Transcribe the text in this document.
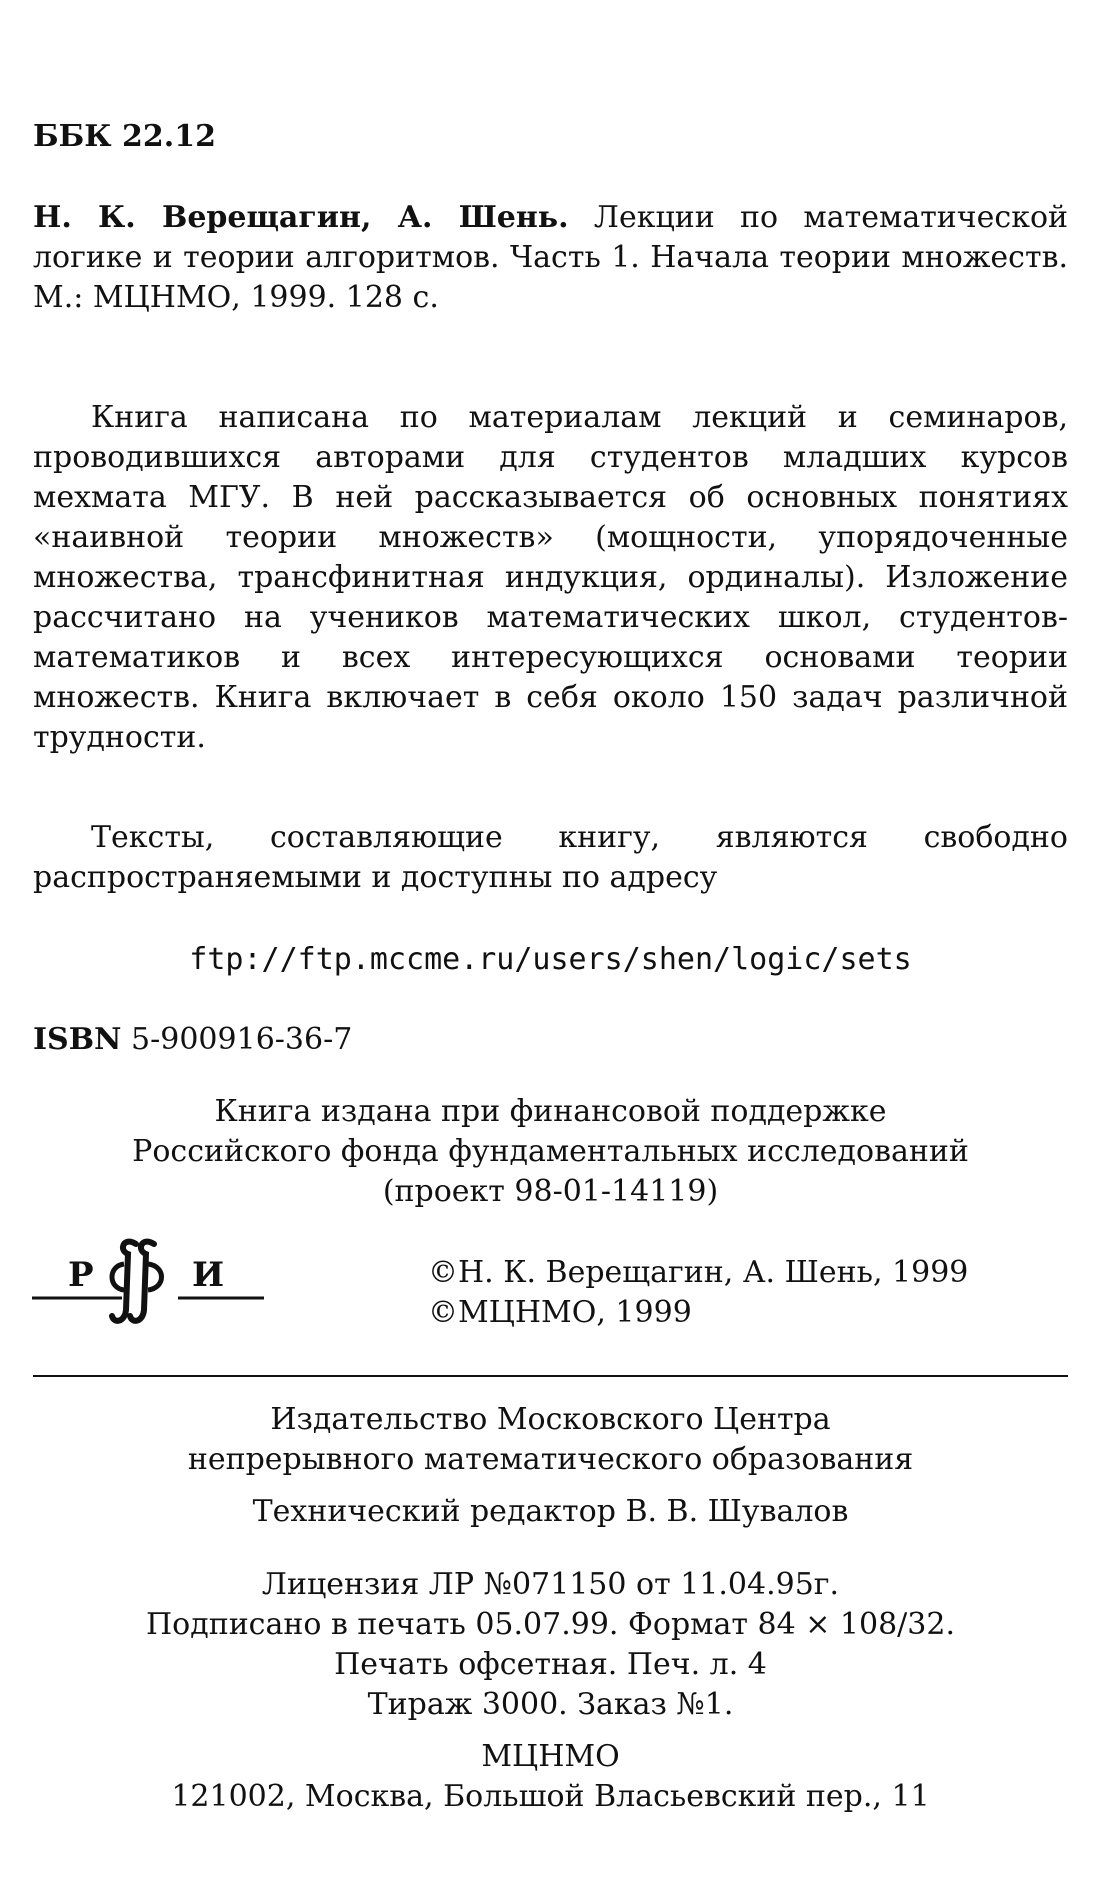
ББК 22.12
Н. К. Верещагин, А. Шень. Лекции по математической логике и теории алгоритмов. Часть 1. Начала теории множеств. М.: МЦНМО, 1999. 128 с.
Книга написана по материалам лекций и семинаров, проводившихся авторами для студентов младших курсов мехмата МГУ. В ней рассказывается об основных понятиях «наивной теории множеств» (мощности, упорядоченные множества, трансфинитная индукция, ординалы). Изложение рассчитано на учеников математических школ, студентов-математиков и всех интересующихся основами теории множеств. Книга включает в себя около 150 задач различной трудности.
Тексты, составляющие книгу, являются свободно распространяемыми и доступны по адресу
ftp://ftp.mccme.ru/users/shen/logic/sets
ISBN 5-900916-36-7
Книга издана при финансовой поддержке
Российского фонда фундаментальных исследований
(проект 98-01-14119)
Р	И	©Н. К. Верещагин, А. Шень, 1999
©МЦНМО, 1999
Издательство Московского Центра
непрерывного математического образования
Технический редактор В. В. Шувалов
Лицензия ЛР №071150 от 11.04.95г.
Подписано в печать 05.07.99. Формат 84 × 108/32.
Печать офсетная. Печ. л. 4
Тираж 3000. Заказ №1.
МЦНМО
121002, Москва, Большой Власьевский пер., 11
